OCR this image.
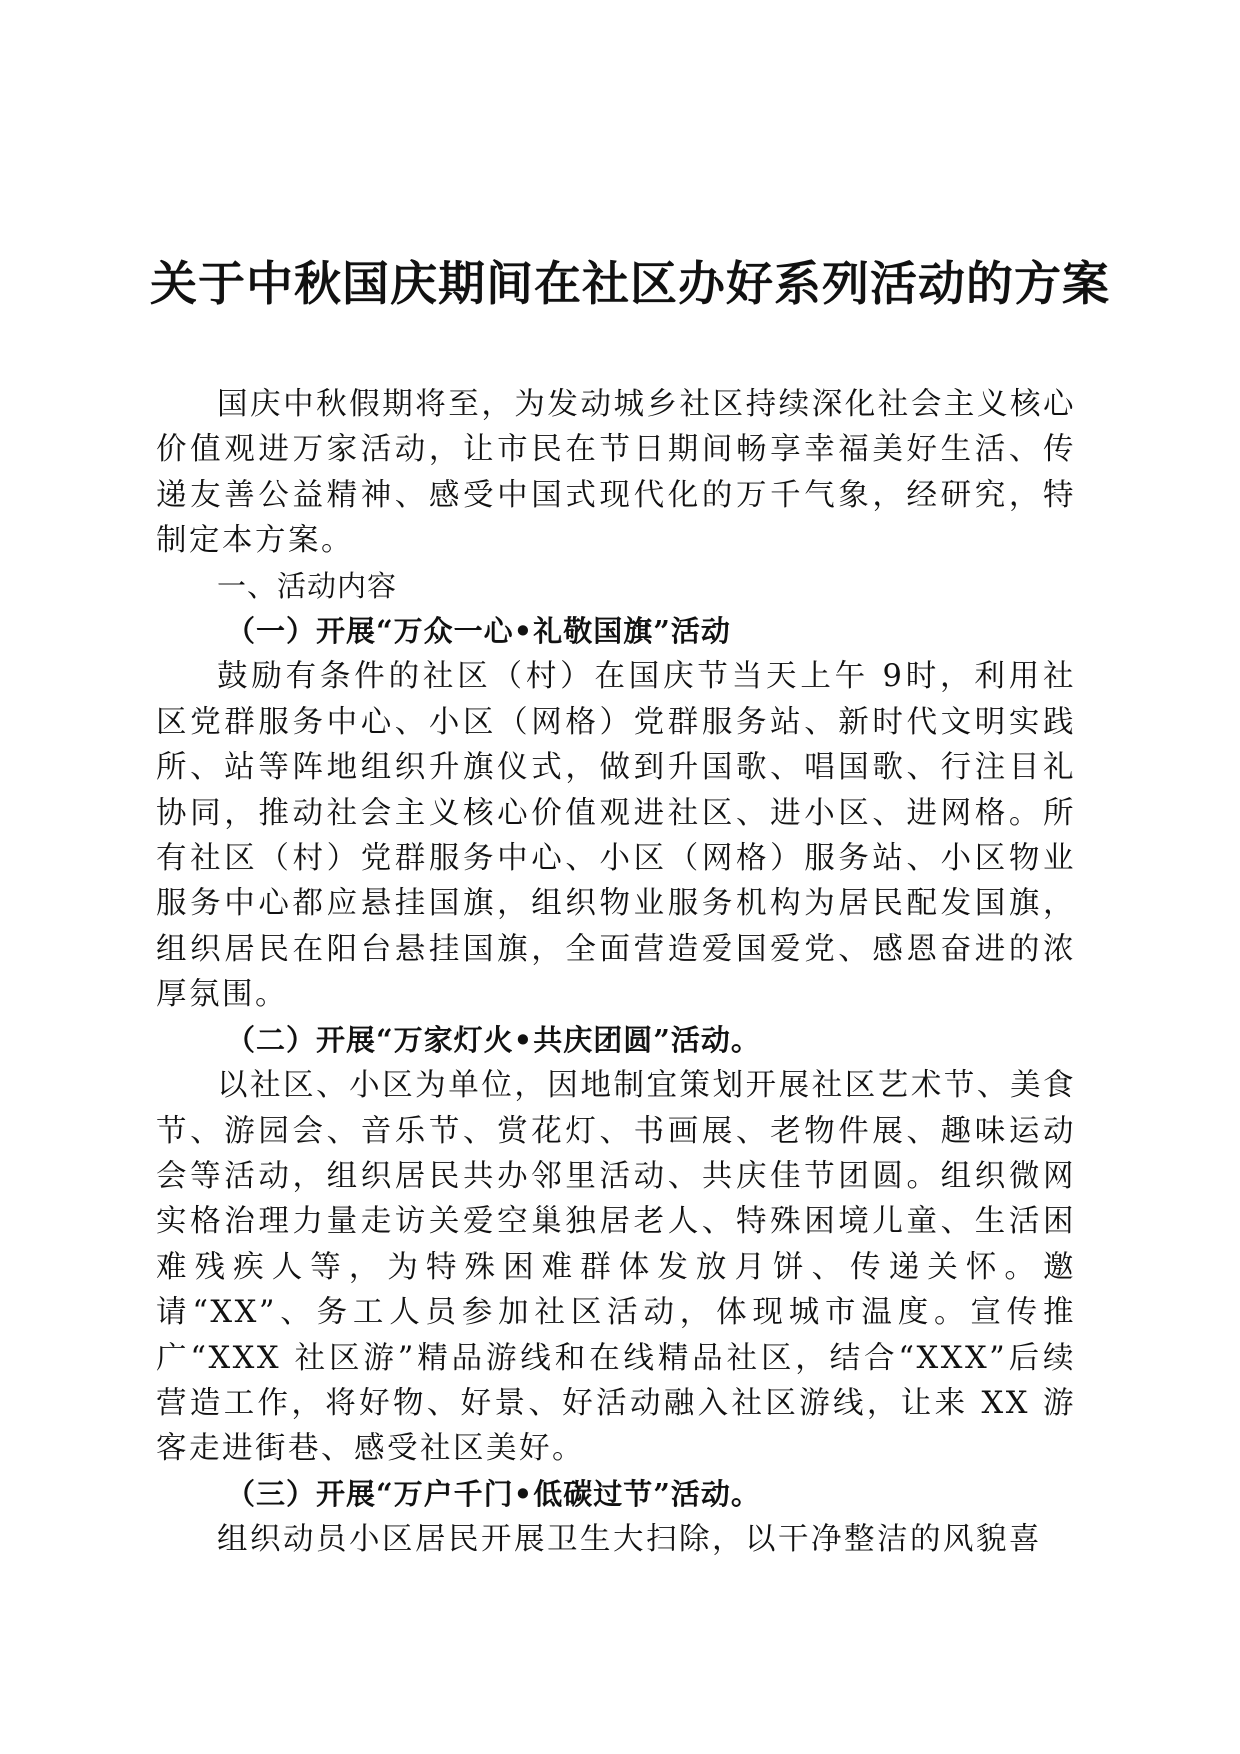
关于中秋国庆期间在社区办好系列活动的方案

国庆中秋假期将至，为发动城乡社区持续深化社会主义核心价值观进万家活动，让市民在节日期间畅享幸福美好生活、传递友善公益精神、感受中国式现代化的万千气象，经研究，特制定本方案。

一、活动内容

（一）开展“万众一心•礼敬国旗”活动

鼓励有条件的社区（村）在国庆节当天上午 9时，利用社区党群服务中心、小区（网格）党群服务站、新时代文明实践所、站等阵地组织升旗仪式，做到升国歌、唱国歌、行注目礼协同，推动社会主义核心价值观进社区、进小区、进网格。所有社区（村）党群服务中心、小区（网格）服务站、小区物业服务中心都应悬挂国旗，组织物业服务机构为居民配发国旗，组织居民在阳台悬挂国旗，全面营造爱国爱党、感恩奋进的浓厚氛围。

（二）开展“万家灯火•共庆团圆”活动。

以社区、小区为单位，因地制宜策划开展社区艺术节、美食节、游园会、音乐节、赏花灯、书画展、老物件展、趣味运动会等活动，组织居民共办邻里活动、共庆佳节团圆。组织微网实格治理力量走访关爱空巢独居老人、特殊困境儿童、生活困难残疾人等，为特殊困难群体发放月饼、传递关怀。邀请“XX”、务工人员参加社区活动，体现城市温度。宣传推广“XXX 社区游”精品游线和在线精品社区，结合“XXX”后续营造工作，将好物、好景、好活动融入社区游线，让来 XX 游客走进街巷、感受社区美好。

（三）开展“万户千门•低碳过节”活动。

组织动员小区居民开展卫生大扫除，以干净整洁的风貌喜
